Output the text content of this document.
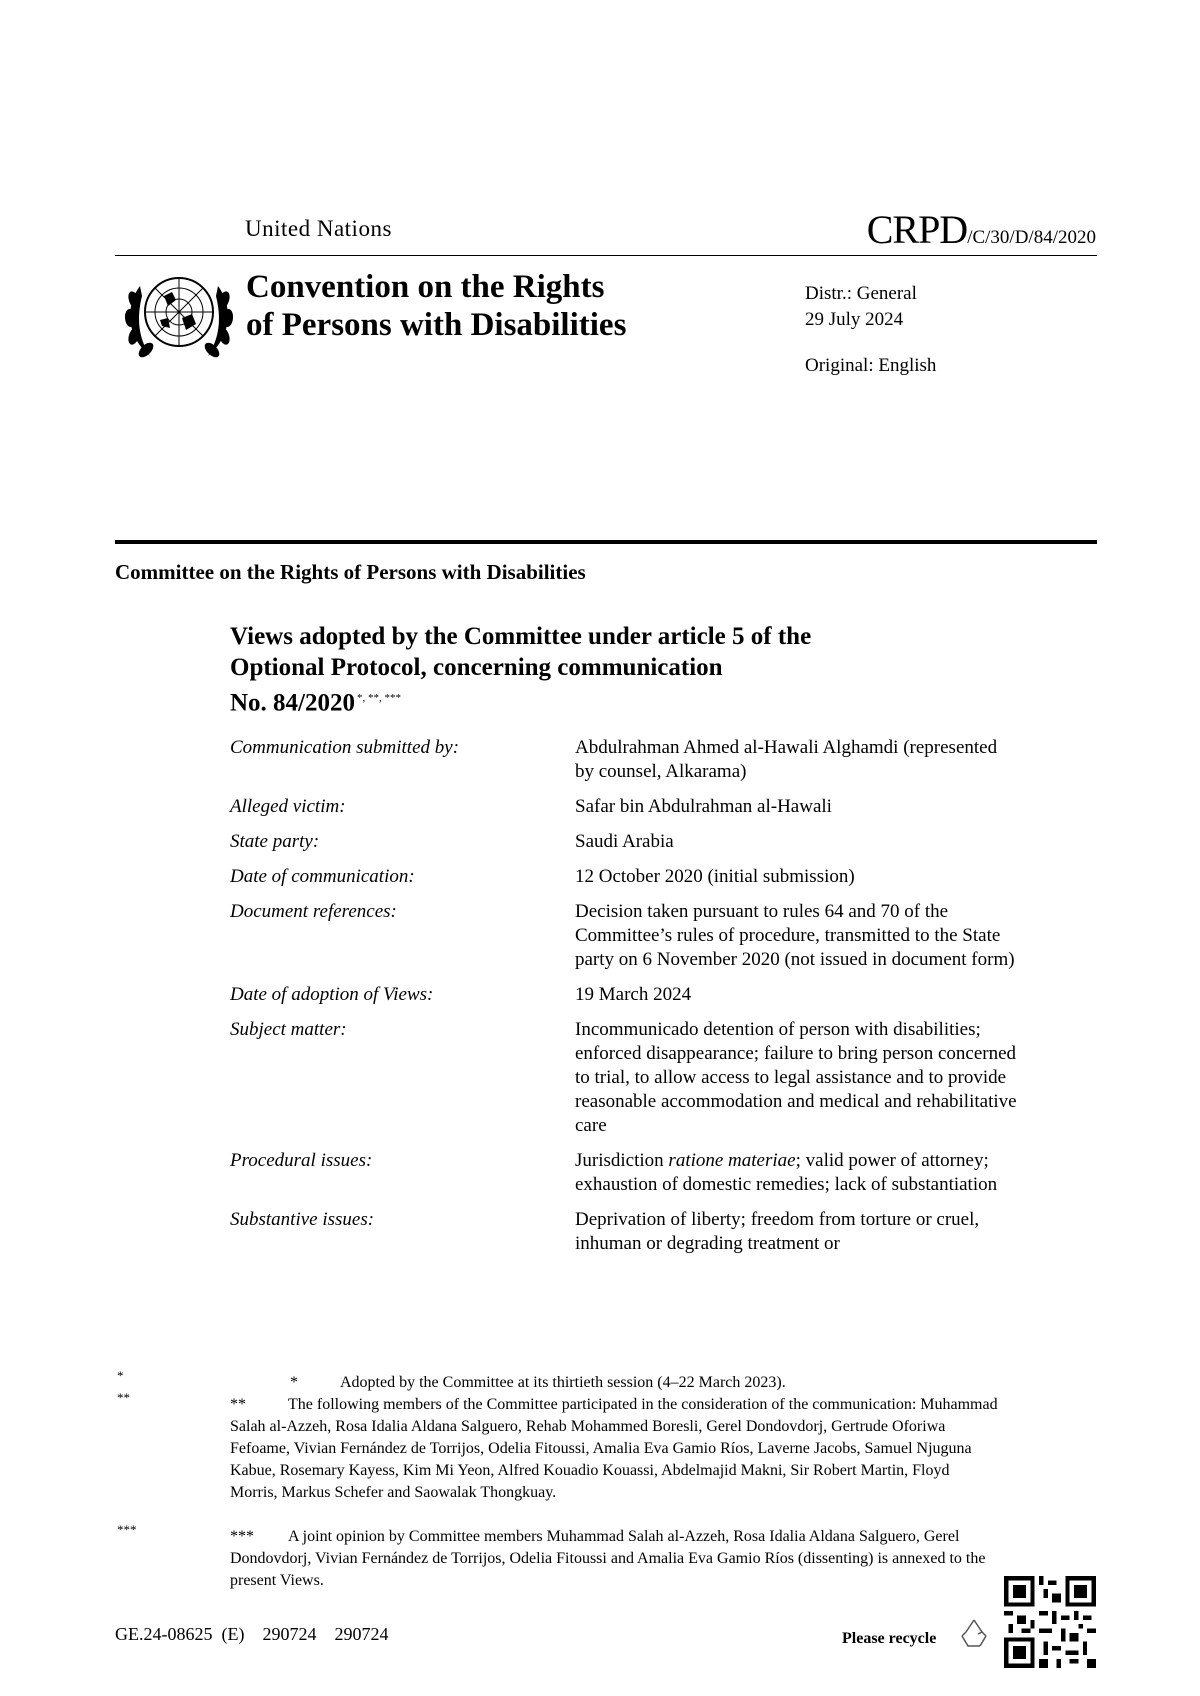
United Nations	CRPD/C/30/D/84/2020
Convention on the Rights
of Persons with Disabilities
Distr.: General
29 July 2024
Original: English
Committee on the Rights of Persons with Disabilities
Views adopted by the Committee under article 5 of the
Optional Protocol, concerning communication
No. 84/2020 *, **, ***
Communication submitted by:	Abdulrahman Ahmed al-Hawali Alghamdi (represented by counsel, Alkarama)
Alleged victim:	Safar bin Abdulrahman al-Hawali
State party:	Saudi Arabia
Date of communication:	12 October 2020 (initial submission)
Document references:	Decision taken pursuant to rules 64 and 70 of the Committee’s rules of procedure, transmitted to the State party on 6 November 2020 (not issued in document form)
Date of adoption of Views:	19 March 2024
Subject matter:	Incommunicado detention of person with disabilities; enforced disappearance; failure to bring person concerned to trial, to allow access to legal assistance and to provide reasonable accommodation and medical and rehabilitative care
Procedural issues:	Jurisdiction ratione materiae; valid power of attorney; exhaustion of domestic remedies; lack of substantiation
Substantive issues:	Deprivation of liberty; freedom from torture or cruel, inhuman or degrading treatment or
*	*	Adopted by the Committee at its thirtieth session (4–22 March 2023).
**	**	The following members of the Committee participated in the consideration of the communication: Muhammad Salah al-Azzeh, Rosa Idalia Aldana Salguero, Rehab Mohammed Boresli, Gerel Dondovdorj, Gertrude Oforiwa Fefoame, Vivian Fernández de Torrijos, Odelia Fitoussi, Amalia Eva Gamio Ríos, Laverne Jacobs, Samuel Njuguna Kabue, Rosemary Kayess, Kim Mi Yeon, Alfred Kouadio Kouassi, Abdelmajid Makni, Sir Robert Martin, Floyd Morris, Markus Schefer and Saowalak Thongkuay.
***	*** A joint opinion by Committee members Muhammad Salah al-Azzeh, Rosa Idalia Aldana Salguero, Gerel Dondovdorj, Vivian Fernández de Torrijos, Odelia Fitoussi and Amalia Eva Gamio Ríos (dissenting) is annexed to the present Views.
GE.24-08625  (E)    290724    290724	Please recycle
